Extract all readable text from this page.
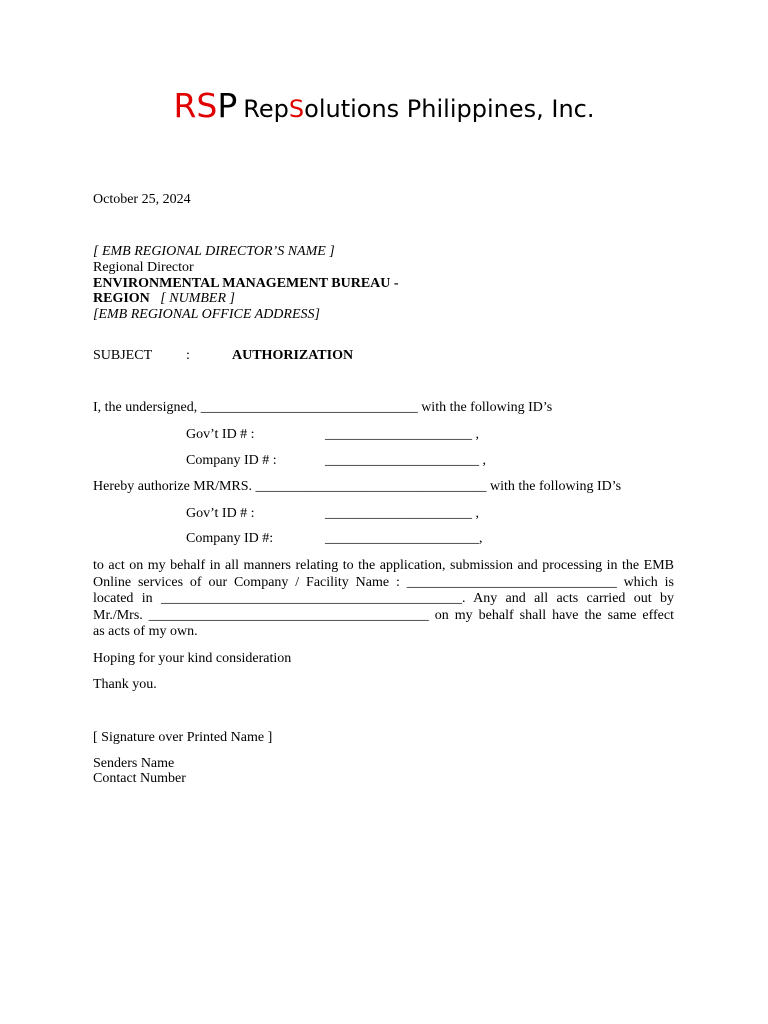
RSP RepSolutions Philippines, Inc.
October 25, 2024
[ EMB REGIONAL DIRECTOR’S NAME ]
Regional Director
ENVIRONMENTAL MANAGEMENT BUREAU -
REGION [ NUMBER ]
[EMB REGIONAL OFFICE ADDRESS]
SUBJECT :	AUTHORIZATION
I, the undersigned, _______________________________ with the following ID’s
Gov’t ID # :	_____________________ ,
Company ID # :	______________________ ,
Hereby authorize MR/MRS. _________________________________ with the following ID’s
Gov’t ID # :	_____________________ ,
Company ID #:	______________________,
to act on my behalf in all manners relating to the application, submission and processing in the EMB
Online services of our Company / Facility Name : ______________________________ which is
located in ___________________________________________. Any and all acts carried out by
Mr./Mrs. ________________________________________ on my behalf shall have the same effect
as acts of my own.
Hoping for your kind consideration
Thank you.
[ Signature over Printed Name ]
Senders Name
Contact Number
